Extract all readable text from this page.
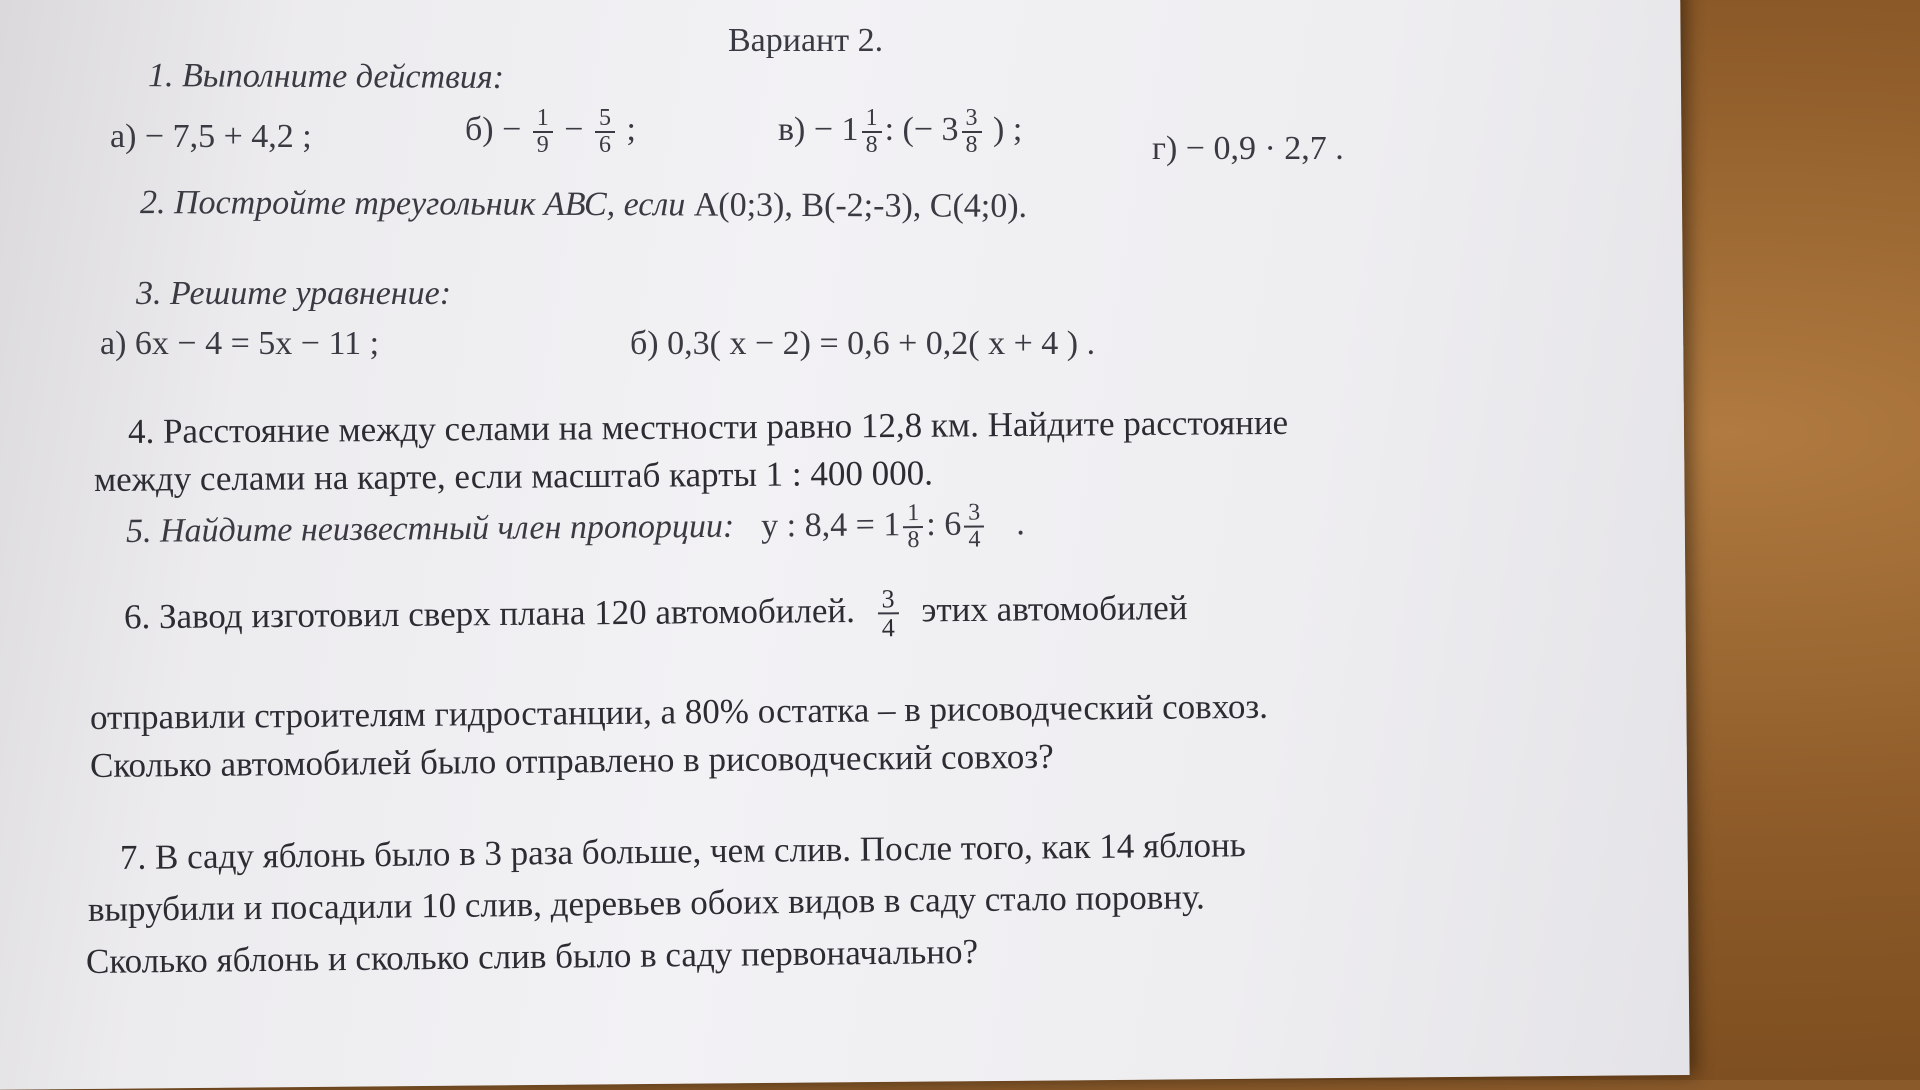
Вариант 2.
1. Выполните действия:
а) − 7,5 + 4,2 ;	$б) - \frac{1}{9} - \frac{5}{6}$ ;	$в) - 1 \frac{1}{8}$ : (− $3 \frac{3}{8}$ ) ;
г) − 0,9 · 2,7 .
2. Постройте треугольник АВС, если А(0;3), В(-2;-3), С(4;0).
3. Решите уравнение:
а) 6х − 4 = 5х − 11 ;	б) 0,3( х − 2) = 0,6 + 0,2( х + 4 ) .
4. Расстояние между селами на местности равно 12,8 км. Найдите расстояние
между селами на карте, если масштаб карты 1 : 400 000.
5. Найдите неизвестный член пропорции: у : $8,4 = 1 \frac{1}{8}$ : $6 \frac{3}{4}$ .
6. Завод изготовил сверх плана 120 автомобилей. $\frac{3}{4}$ этих автомобилей
отправили строителям гидростанции, а 80% остатка – в рисоводческий совхоз.
Сколько автомобилей было отправлено в рисоводческий совхоз?
7. В саду яблонь было в 3 раза больше, чем слив. После того, как 14 яблонь
вырубили и посадили 10 слив, деревьев обоих видов в саду стало поровну.
Сколько яблонь и сколько слив было в саду первоначально?
